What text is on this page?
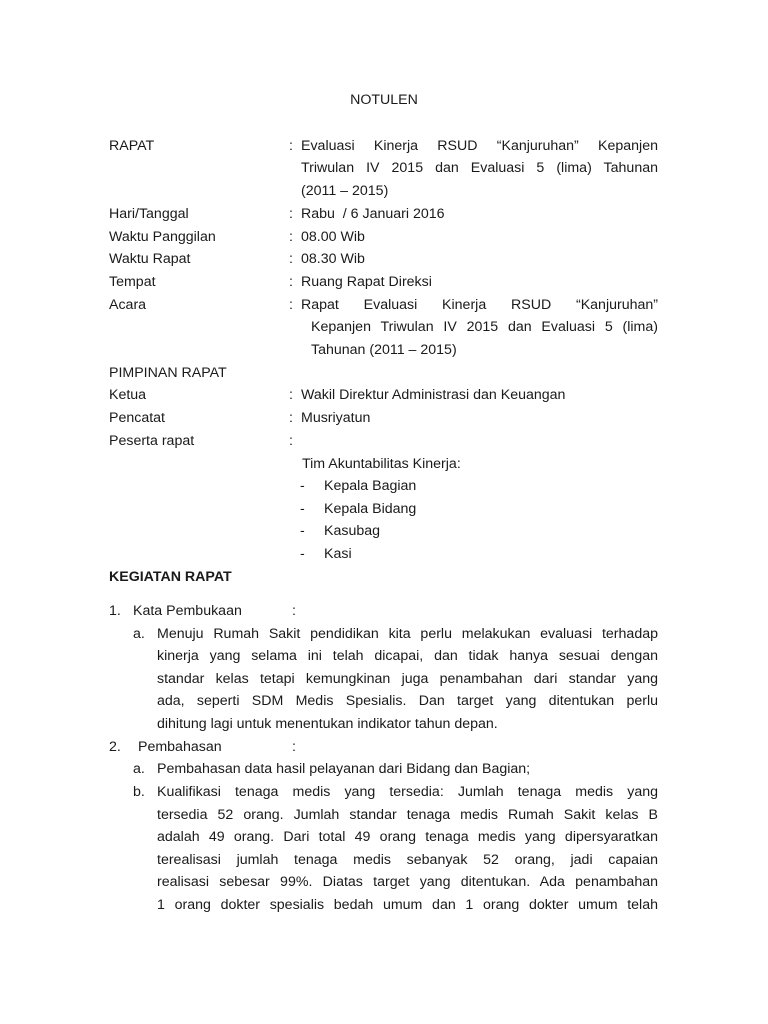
NOTULEN
RAPAT	: Evaluasi Kinerja RSUD “Kanjuruhan” Kepanjen
Triwulan IV 2015 dan Evaluasi 5 (lima) Tahunan
(2011 – 2015)
Hari/Tanggal	: Rabu  / 6 Januari 2016
Waktu Panggilan	: 08.00 Wib
Waktu Rapat	: 08.30 Wib
Tempat	: Ruang Rapat Direksi
Acara	: Rapat Evaluasi Kinerja RSUD “Kanjuruhan”
Kepanjen Triwulan IV 2015 dan Evaluasi 5 (lima)
Tahunan (2011 – 2015)
PIMPINAN RAPAT
Ketua	: Wakil Direktur Administrasi dan Keuangan
Pencatat	: Musriyatun
Peserta rapat	:
Tim Akuntabilitas Kinerja:
- Kepala Bagian
- Kepala Bidang
- Kasubag
- Kasi
KEGIATAN RAPAT
1. Kata Pembukaan	:
a. Menuju Rumah Sakit pendidikan kita perlu melakukan evaluasi terhadap
kinerja yang selama ini telah dicapai, dan tidak hanya sesuai dengan
standar kelas tetapi kemungkinan juga penambahan dari standar yang
ada, seperti SDM Medis Spesialis. Dan target yang ditentukan perlu
dihitung lagi untuk menentukan indikator tahun depan.
2. Pembahasan	:
a. Pembahasan data hasil pelayanan dari Bidang dan Bagian;
b. Kualifikasi tenaga medis yang tersedia: Jumlah tenaga medis yang
tersedia 52 orang. Jumlah standar tenaga medis Rumah Sakit kelas B
adalah 49 orang. Dari total 49 orang tenaga medis yang dipersyaratkan
terealisasi jumlah tenaga medis sebanyak 52 orang, jadi capaian
realisasi sebesar 99%. Diatas target yang ditentukan. Ada penambahan
1 orang dokter spesialis bedah umum dan 1 orang dokter umum telah
